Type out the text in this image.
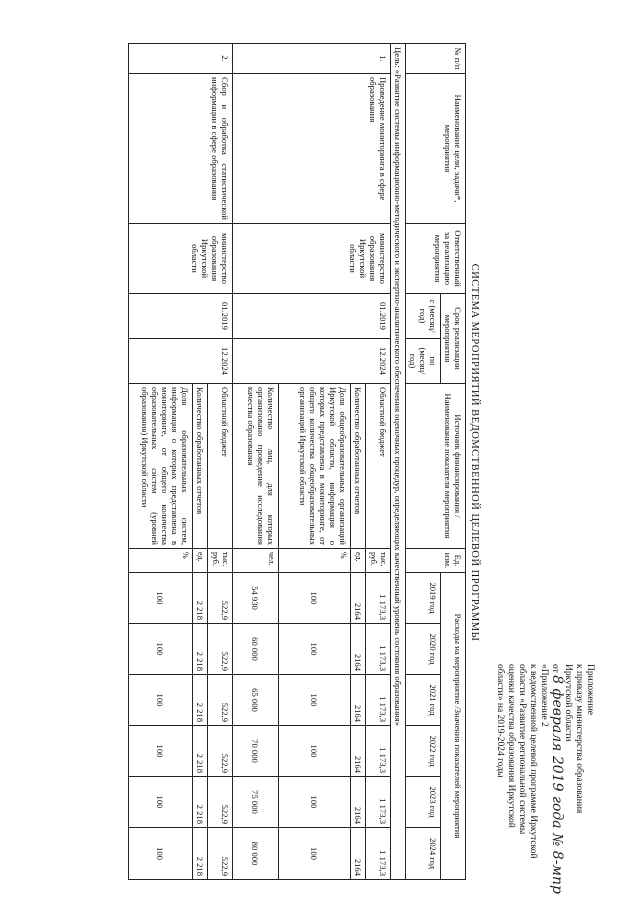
Приложение
к приказу министерства образования
Иркутской области
от 8 февраля 2019 года № 8-мпр
«Приложение 2
к ведомственной целевой программе Иркутской
области «Развитие региональной системы
оценки качества образования Иркутской
области» на 2019-2024 годы
СИСТЕМА МЕРОПРИЯТИЙ ВЕДОМСТВЕННОЙ ЦЕЛЕВОЙ ПРОГРАММЫ
№ п/п	Наименование цели, задачи*, мероприятия	Ответственный за реализацию мероприятия	Срок реализации мероприятия		Источник финансирования / Наименование показателя мероприятия	Ед. изм.	Расходы на мероприятие /Значения показателей мероприятия					
			с (месяц/ год)	по (месяц/ год)			2019 год	2020 год	2021 год	2022 год	2023 год	2024 год
Цель: «Развитие системы информационно-методического и экспертно-аналитического обеспечения оценочных процедур, определяющих качественный уровень состояния образования»												
1.	Проведение мониторинга в сфере образования	министерство образования Иркутской области	01.2019	12.2024	Областной бюджет	тыс. руб.	1 173,3	1 173,3	1 173,3	1 173,3	1 173,3	1 173,3
					Количество обработанных отчетов	ед.	2164	2164	2164	2164	2164	2164
					Доля общеобразовательных организаций Иркутской области, информация о которых представлена в мониторинге, от общего количества общеобразовательных организаций Иркутской области	%	100	100	100	100	100	100
					Количество лиц, для которых организовано проведение исследования качества образования	чел.	54 930	60 000	65 000	70 000	75 000	80 000
2.	Сбор и обработка статистической информации в сфере образования	министерство образования Иркутской области	01.2019	12.2024	Областной бюджет	тыс. руб.	522,9	522,9	522,9	522,9	522,9	522,9
					Количество обработанных отчетов	ед.	2 218	2 218	2 218	2 218	2 218	2 218
					Доля образовательных систем, информация о которых представлена в мониторинге, от общего количества образовательных систем (уровней образования) Иркутской области	%	100	100	100	100	100	100
